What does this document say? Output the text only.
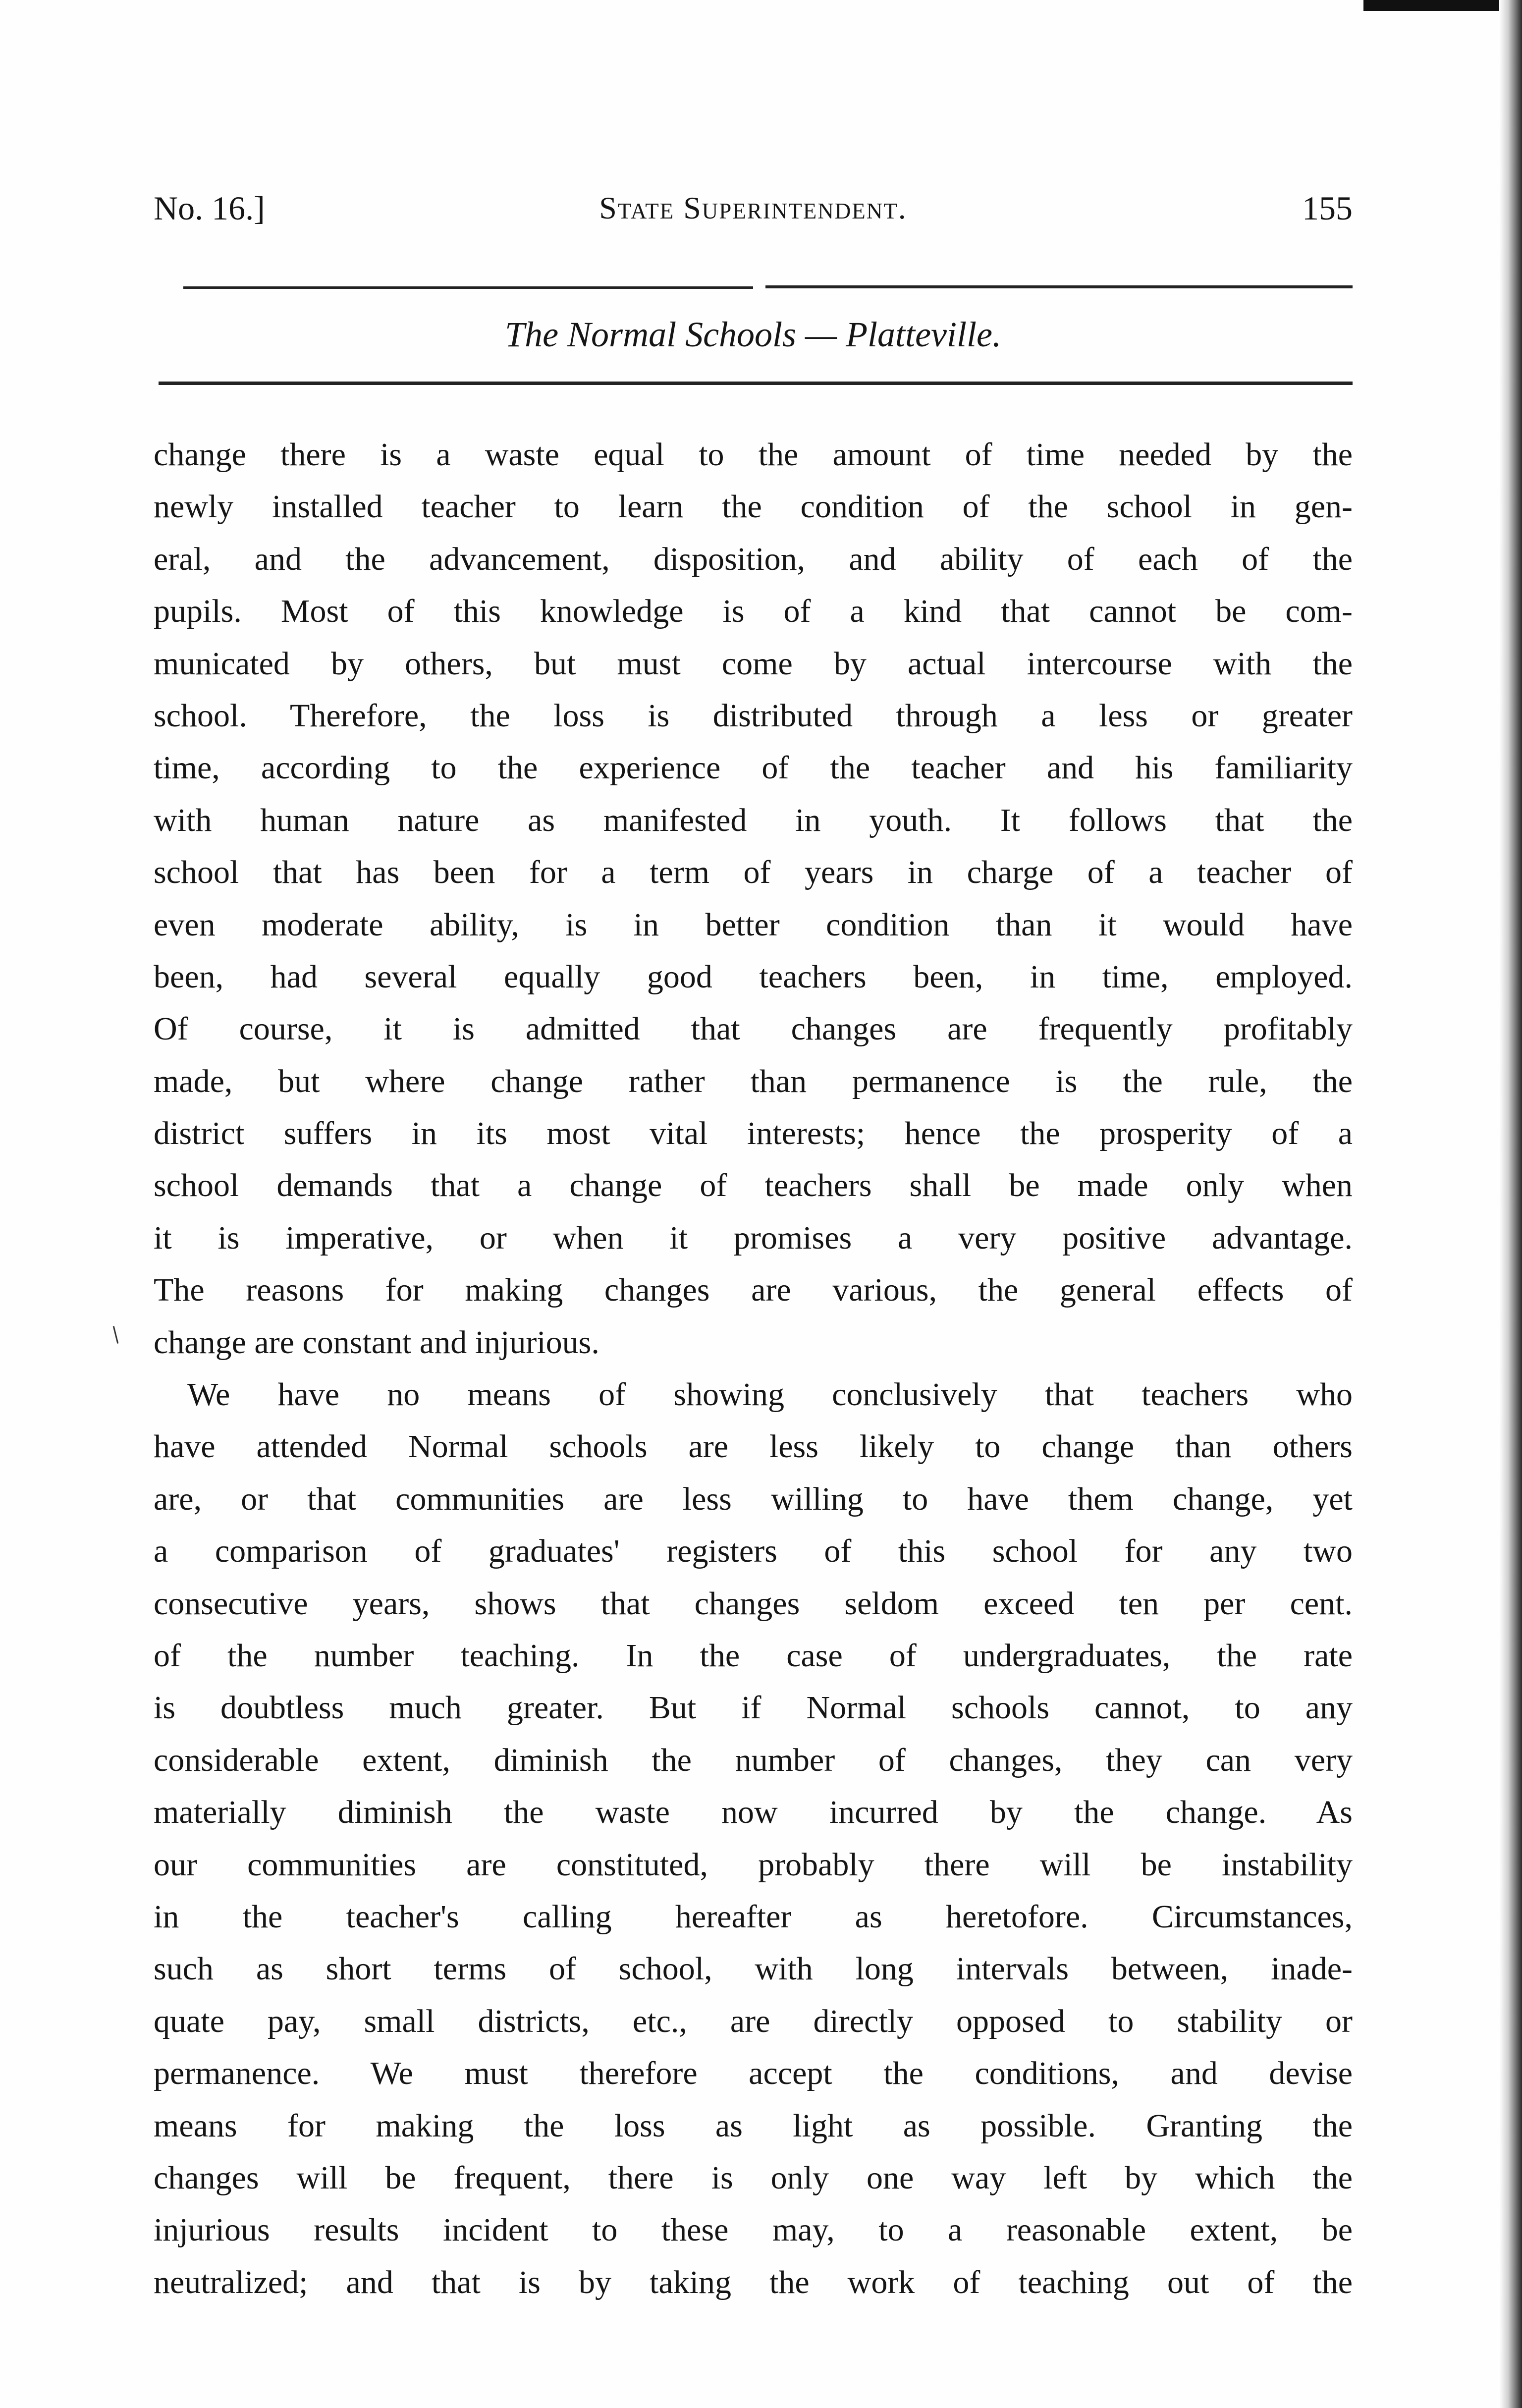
No. 16.]	State Superintendent.	155
The Normal Schools — Platteville.
change there is a waste equal to the amount of time needed by the
newly installed teacher to learn the condition of the school in gen-
eral, and the advancement, disposition, and ability of each of the
pupils. Most of this knowledge is of a kind that cannot be com-
municated by others, but must come by actual intercourse with the
school. Therefore, the loss is distributed through a less or greater
time, according to the experience of the teacher and his familiarity
with human nature as manifested in youth. It follows that the
school that has been for a term of years in charge of a teacher of
even moderate ability, is in better condition than it would have
been, had several equally good teachers been, in time, employed.
Of course, it is admitted that changes are frequently profitably
made, but where change rather than permanence is the rule, the
district suffers in its most vital interests; hence the prosperity of a
school demands that a change of teachers shall be made only when
it is imperative, or when it promises a very positive advantage.
The reasons for making changes are various, the general effects of
change are constant and injurious.
We have no means of showing conclusively that teachers who
have attended Normal schools are less likely to change than others
are, or that communities are less willing to have them change, yet
a comparison of graduates' registers of this school for any two
consecutive years, shows that changes seldom exceed ten per cent.
of the number teaching. In the case of undergraduates, the rate
is doubtless much greater. But if Normal schools cannot, to any
considerable extent, diminish the number of changes, they can very
materially diminish the waste now incurred by the change. As
our communities are constituted, probably there will be instability
in the teacher's calling hereafter as heretofore. Circumstances,
such as short terms of school, with long intervals between, inade-
quate pay, small districts, etc., are directly opposed to stability or
permanence. We must therefore accept the conditions, and devise
means for making the loss as light as possible. Granting the
changes will be frequent, there is only one way left by which the
injurious results incident to these may, to a reasonable extent, be
neutralized; and that is by taking the work of teaching out of the
